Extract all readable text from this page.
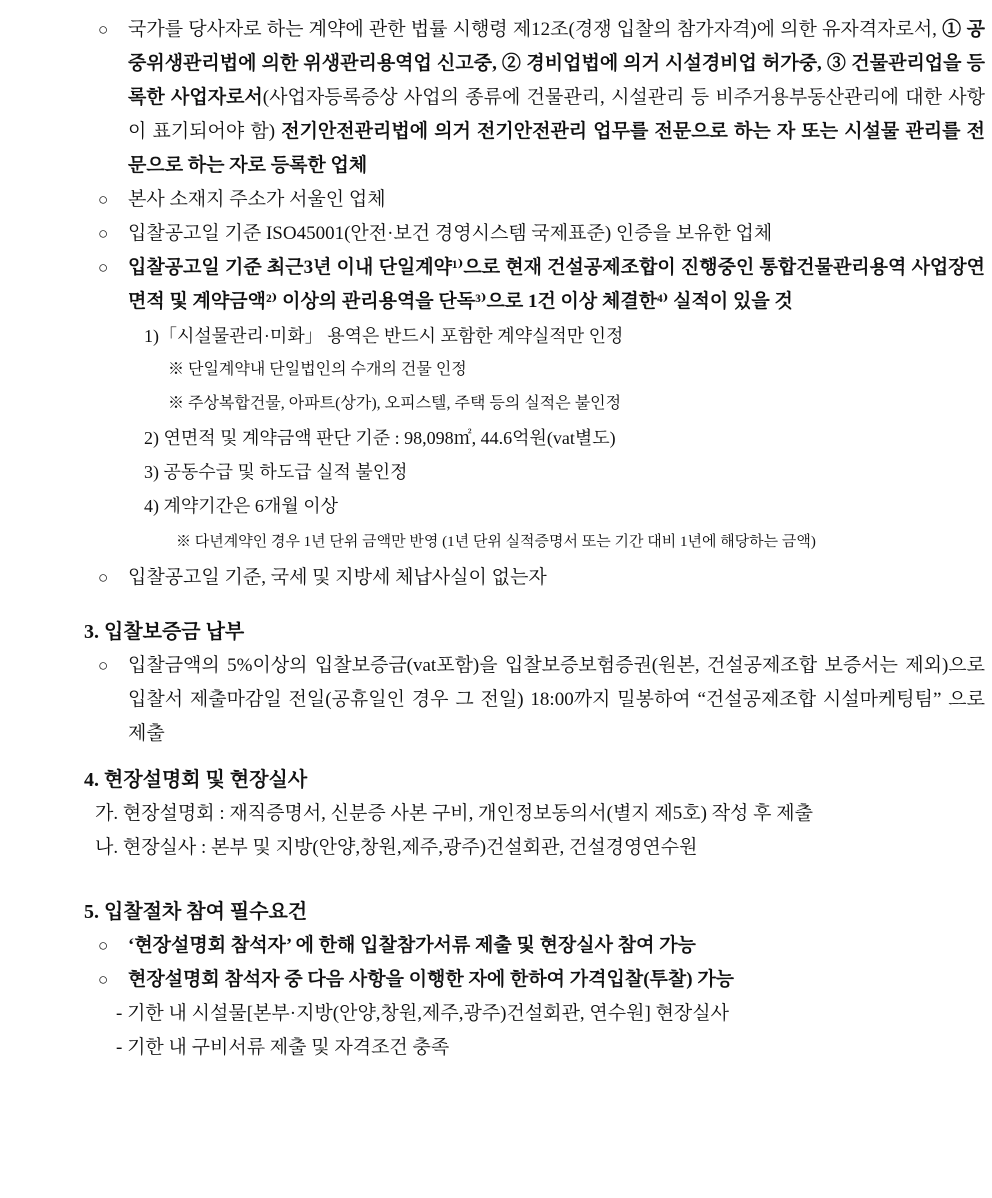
○	국가를 당사자로 하는 계약에 관한 법률 시행령 제12조(경쟁 입찰의 참가자격)에 의한 유자격자로서, ① 공중위생관리법에 의한 위생관리용역업 신고중, ② 경비업법에 의거 시설경비업 허가중, ③ 건물관리업을 등록한 사업자로서(사업자등록증상 사업의 종류에 건물관리, 시설관리 등 비주거용부동산관리에 대한 사항이 표기되어야 함) 전기안전관리법에 의거 전기안전관리 업무를 전문으로 하는 자 또는 시설물 관리를 전문으로 하는 자로 등록한 업체
○	본사 소재지 주소가 서울인 업체
○	입찰공고일 기준 ISO45001(안전·보건 경영시스템 국제표준) 인증을 보유한 업체
○	입찰공고일 기준 최근3년 이내 단일계약¹⁾으로 현재 건설공제조합이 진행중인 통합건물관리용역 사업장연면적 및 계약금액²⁾ 이상의 관리용역을 단독³⁾으로 1건 이상 체결한⁴⁾ 실적이 있을 것
1)「시설물관리·미화」 용역은 반드시 포함한 계약실적만 인정
※ 단일계약내 단일법인의 수개의 건물 인정
※ 주상복합건물, 아파트(상가), 오피스텔, 주택 등의 실적은 불인정
2) 연면적 및 계약금액 판단 기준 : 98,098㎡, 44.6억원(vat별도)
3) 공동수급 및 하도급 실적 불인정
4) 계약기간은 6개월 이상
※ 다년계약인 경우 1년 단위 금액만 반영 (1년 단위 실적증명서 또는 기간 대비 1년에 해당하는 금액)
○	입찰공고일 기준, 국세 및 지방세 체납사실이 없는자
3. 입찰보증금 납부
○	입찰금액의 5%이상의 입찰보증금(vat포함)을 입찰보증보험증권(원본, 건설공제조합 보증서는 제외)으로 입찰서 제출마감일 전일(공휴일인 경우 그 전일) 18:00까지 밀봉하여 “건설공제조합 시설마케팅팀” 으로 제출
4. 현장설명회 및 현장실사
가. 현장설명회 : 재직증명서, 신분증 사본 구비, 개인정보동의서(별지 제5호) 작성 후 제출
나. 현장실사 : 본부 및 지방(안양,창원,제주,광주)건설회관, 건설경영연수원
5. 입찰절차 참여 필수요건
○	‘현장설명회 참석자’ 에 한해 입찰참가서류 제출 및 현장실사 참여 가능
○	현장설명회 참석자 중 다음 사항을 이행한 자에 한하여 가격입찰(투찰) 가능
- 기한 내 시설물[본부·지방(안양,창원,제주,광주)건설회관, 연수원] 현장실사
- 기한 내 구비서류 제출 및 자격조건 충족
